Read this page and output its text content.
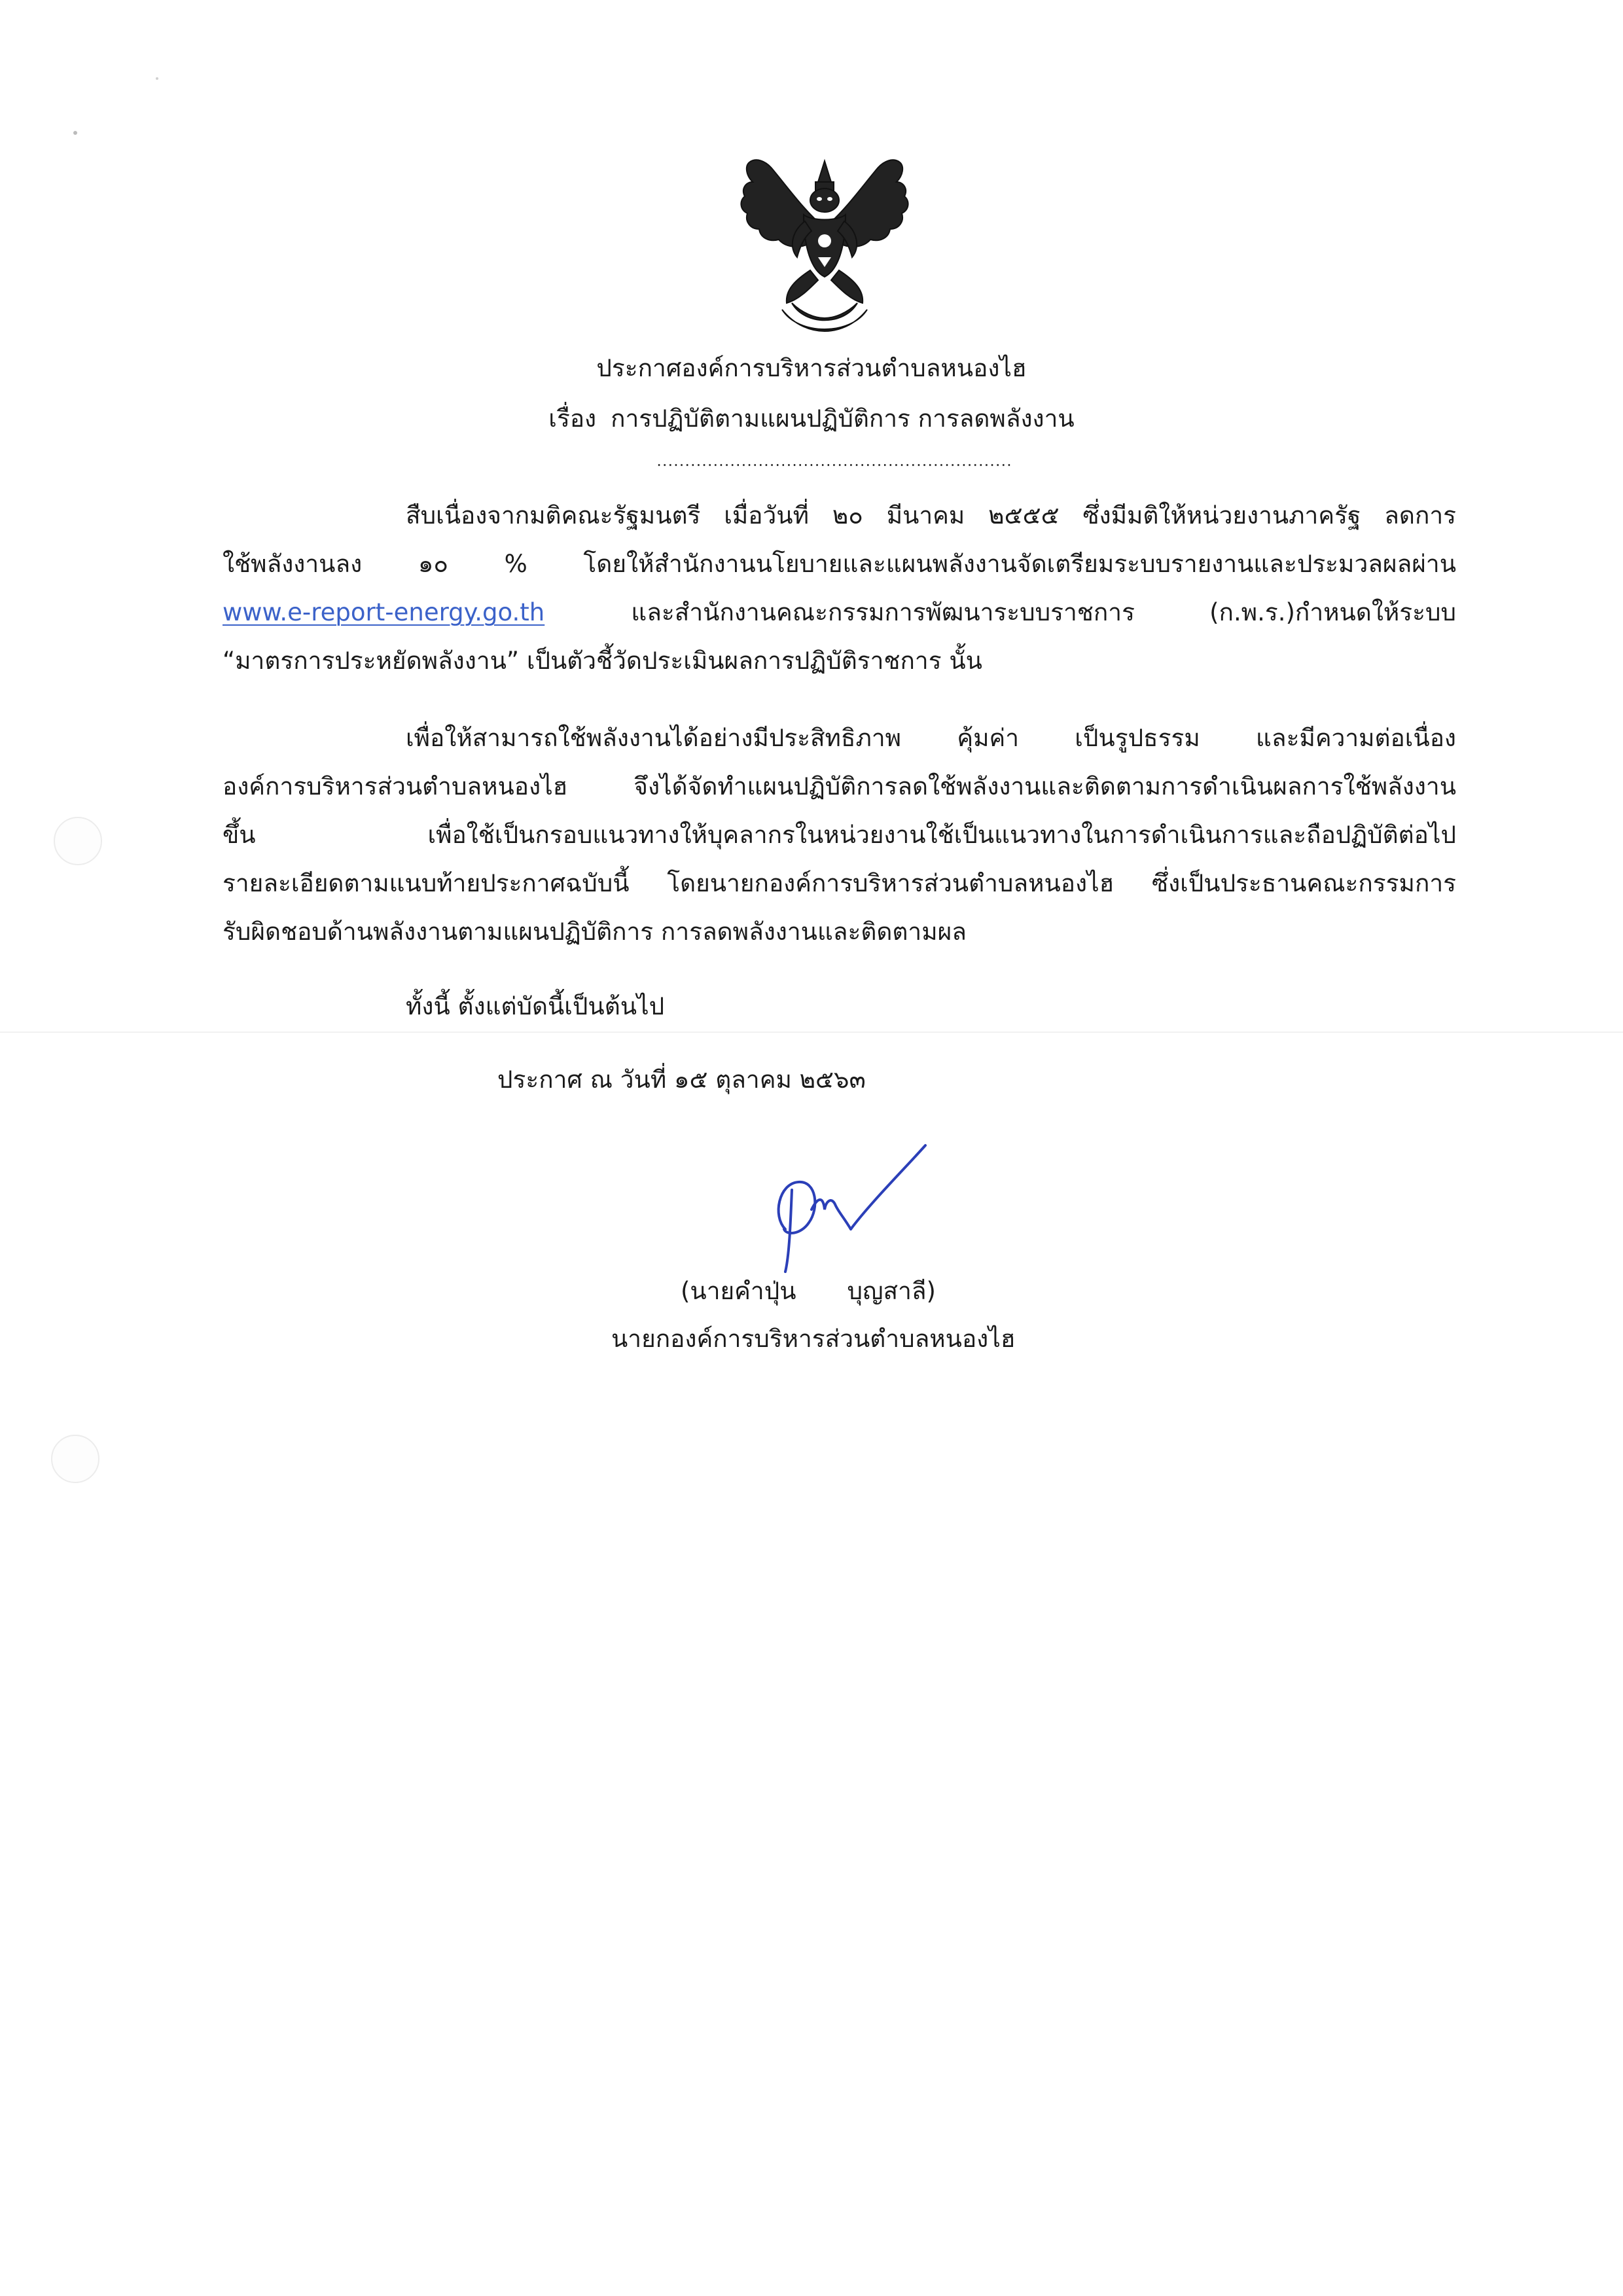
ประกาศองค์การบริหารส่วนตำบลหนองไฮ
เรื่อง การปฏิบัติตามแผนปฏิบัติการ การลดพลังงาน
...............................................................
สืบเนื่องจากมติคณะรัฐมนตรี เมื่อวันที่ ๒๐ มีนาคม ๒๕๕๕ ซึ่งมีมติให้หน่วยงานภาครัฐ ลดการ
ใช้พลังงานลง ๑๐ % โดยให้สำนักงานนโยบายและแผนพลังงานจัดเตรียมระบบรายงานและประมวลผลผ่าน
www.e-report-energy.go.th	และสำนักงานคณะกรรมการพัฒนาระบบราชการ (ก.พ.ร.)กำหนดให้ระบบ
“มาตรการประหยัดพลังงาน” เป็นตัวชี้วัดประเมินผลการปฏิบัติราชการ นั้น
เพื่อให้สามารถใช้พลังงานได้อย่างมีประสิทธิภาพ คุ้มค่า เป็นรูปธรรม และมีความต่อเนื่อง
องค์การบริหารส่วนตำบลหนองไฮ จึงได้จัดทำแผนปฏิบัติการลดใช้พลังงานและติดตามการดำเนินผลการใช้พลังงาน
ขึ้น เพื่อใช้เป็นกรอบแนวทางให้บุคลากรในหน่วยงานใช้เป็นแนวทางในการดำเนินการและถือปฏิบัติต่อไป
รายละเอียดตามแนบท้ายประกาศฉบับนี้ โดยนายกองค์การบริหารส่วนตำบลหนองไฮ ซึ่งเป็นประธานคณะกรรมการ
รับผิดชอบด้านพลังงานตามแผนปฏิบัติการ การลดพลังงานและติดตามผล
ทั้งนี้ ตั้งแต่บัดนี้เป็นต้นไป
ประกาศ ณ วันที่ ๑๕ ตุลาคม ๒๕๖๓
(นายคำปุ่น บุญสาลี)
นายกองค์การบริหารส่วนตำบลหนองไฮ
